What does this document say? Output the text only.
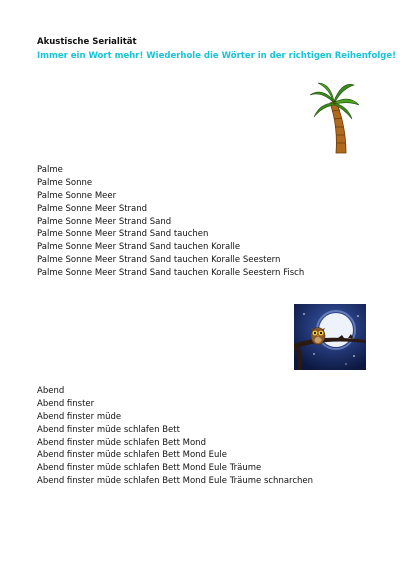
Akustische Serialität
Immer ein Wort mehr! Wiederhole die Wörter in der richtigen Reihenfolge!
Palme
Palme Sonne
Palme Sonne Meer
Palme Sonne Meer Strand
Palme Sonne Meer Strand Sand
Palme Sonne Meer Strand Sand tauchen
Palme Sonne Meer Strand Sand tauchen Koralle
Palme Sonne Meer Strand Sand tauchen Koralle Seestern
Palme Sonne Meer Strand Sand tauchen Koralle Seestern Fisch
Abend
Abend finster
Abend finster müde
Abend finster müde schlafen Bett
Abend finster müde schlafen Bett Mond
Abend finster müde schlafen Bett Mond Eule
Abend finster müde schlafen Bett Mond Eule Träume
Abend finster müde schlafen Bett Mond Eule Träume schnarchen
